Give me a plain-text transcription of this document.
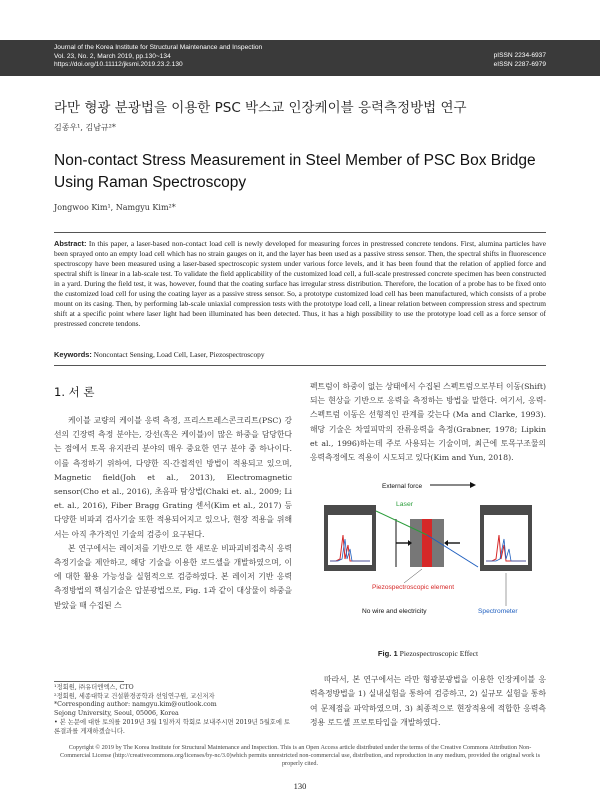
Journal of the Korea Institute for Structural Maintenance and Inspection
Vol. 23, No. 2, March 2019, pp.130~134
https://doi.org/10.11112/jksmi.2019.23.2.130
pISSN 2234-6937
eISSN 2287-6979
라만 형광 분광법을 이용한 PSC 박스교 인장케이블 응력측정방법 연구
김종우¹, 김남규²*
Non-contact Stress Measurement in Steel Member of PSC Box Bridge Using Raman Spectroscopy
Jongwoo Kim¹, Namgyu Kim²*
Abstract: In this paper, a laser-based non-contact load cell is newly developed for measuring forces in prestressed concrete tendons. First, alumina particles have been sprayed onto an empty load cell which has no strain gauges on it, and the layer has been used as a passive stress sensor. Then, the spectral shifts in fluorescence spectroscopy have been measured using a laser-based spectroscopic system under various force levels, and it has been found that the relation of applied force and spectral shift is linear in a lab-scale test. To validate the field applicability of the customized load cell, a full-scale prestressed concrete specimen has been constructed in a yard. During the field test, it was, however, found that the coating surface has irregular stress distribution. Therefore, the location of a probe has to be fixed onto the customized load cell for using the coating layer as a passive stress sensor. So, a prototype customized load cell has been manufactured, which consists of a probe mount on its casing. Then, by performing lab-scale uniaxial compression tests with the prototype load cell, a linear relation between compression stress and spectrum shift at a specific point where laser light had been illuminated has been detected. Thus, it has a high possibility to use the prototype load cell as a force sensor of prestressed concrete tendons.
Keywords: Noncontact Sensing, Load Cell, Laser, Piezospectroscopy
1. 서 론

케이블 교량의 케이블 응력 측정, 프리스트레스콘크리트(PSC) 강선의 긴장력 측정 분야는, 강선(혹은 케이블)이 많은 하중을 담당한다는 점에서 토목 유지관리 분야의 매우 중요한 연구 분야 중 하나이다. 이를 측정하기 위하여, 다양한 직·간접적인 방법이 적용되고 있으며, Magnetic field(Joh et al., 2013), Electromagnetic sensor(Cho et al., 2016), 초음파 탐상법(Chaki et. al., 2009; Li et. al., 2016), Fiber Bragg Grating 센서(Kim et al., 2017) 등 다양한 비파괴 검사기술 또한 적용되어지고 있으나, 현장 적용을 위해서는 아직 추가적인 기술의 검증이 요구된다.

본 연구에서는 레이저를 기반으로 한 새로운 비파괴비접촉식 응력측정기술을 제안하고, 해당 기술을 이용한 로드셀을 개발하였으며, 이에 대한 활용 가능성을 실험적으로 검증하였다. 본 레이저 기반 응력 측정방법의 핵심기술은 압분광법으로, Fig. 1과 같이 대상물이 하중을 받았을 때 수집된 스

펙트럼이 하중이 없는 상태에서 수집된 스펙트럼으로부터 이동(Shift)되는 현상을 기반으로 응력을 측정하는 방법을 말한다. 여기서, 응력-스펙트럼 이동은 선형적인 관계를 갖는다 (Ma and Clarke, 1993). 해당 기술은 차열피막의 잔류응력을 측정(Grabner, 1978; Lipkin et al., 1996)하는데 주로 사용되는 기술이며, 최근에 토목구조물의 응력측정에도 적용이 시도되고 있다(Kim and Yun, 2018).

External force
Laser
Piezospectroscopic element
No wire and electricity	Spectrometer
Fig. 1 Piezospectroscopic Effect

따라서, 본 연구에서는 라만 형광분광법을 이용한 인장케이블 응력측정방법을 1) 실내실험을 통하여 검증하고, 2) 실규모 실험을 통하여 문제점을 파악하였으며, 3) 최종적으로 현장적용에 적합한 응력측정용 로드셀 프로토타입을 개발하였다.

¹정회원, ㈜유더엔엑스, CTO
²정회원, 세종대학교 건설환경공학과 선임연구원, 교신저자
*Corresponding author: namgyu.kim@outlook.com
Sejong University, Seoul, 05006, Korea
• 본 논문에 대한 토의를 2019년 3월 1일까지 학회로 보내주시면 2019년 5월호에 토론결과를 게재하겠습니다.
Copyright © 2019 by The Korea Institute for Structural Maintenance and Inspection. This is an Open Access article distributed under the terms of the Creative Commons Attribution Non-Commercial License (http://creativecommons.org/licenses/by-nc/3.0)which permits unrestricted non-commercial use, distribution, and reproduction in any medium, provided the original work is properly cited.
130
